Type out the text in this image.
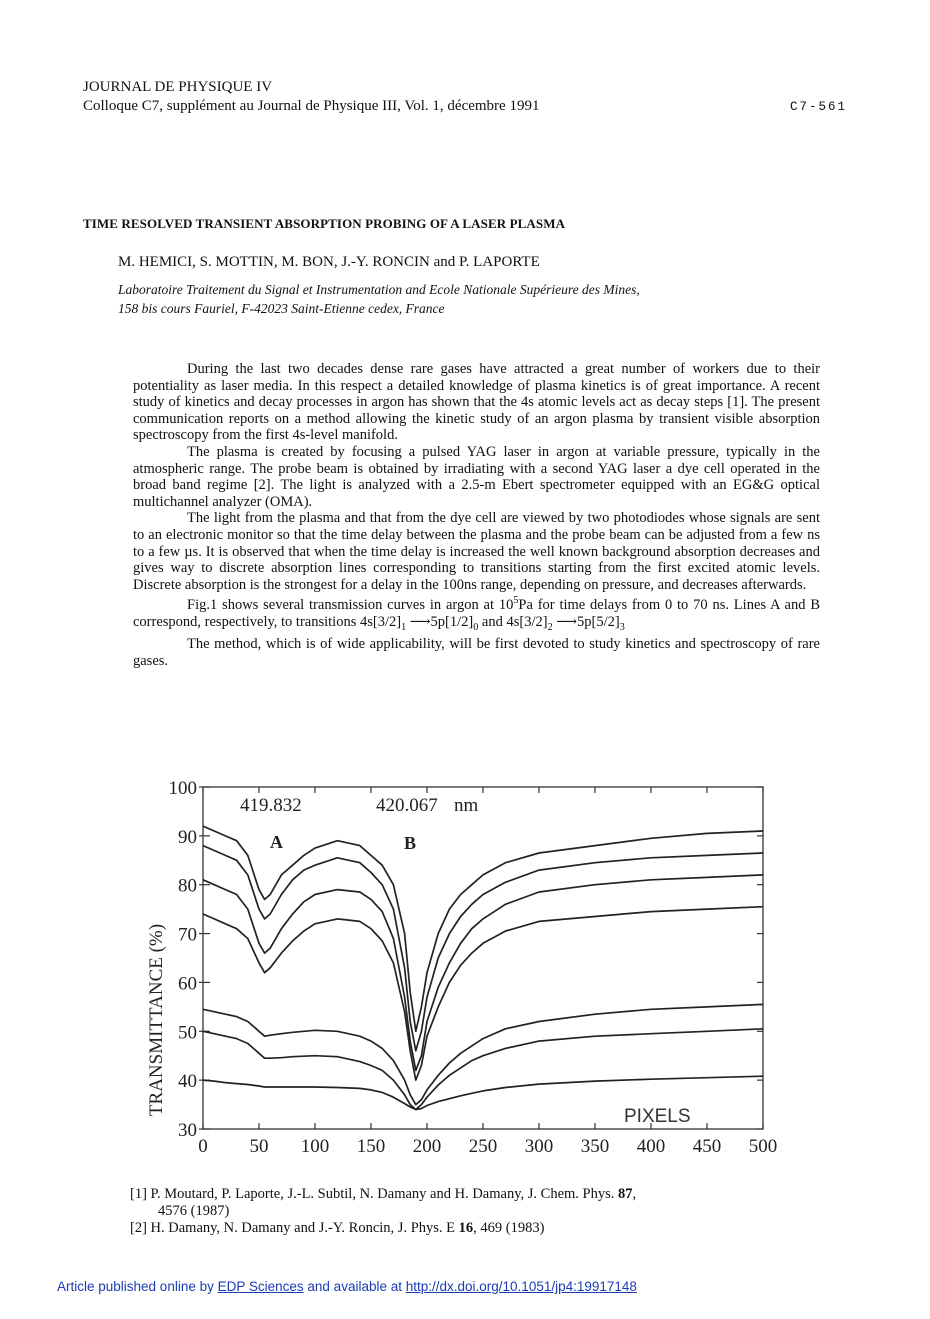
JOURNAL DE PHYSIQUE IV
Colloque C7, supplément au Journal de Physique III, Vol. 1, décembre 1991	C7-561
TIME RESOLVED TRANSIENT ABSORPTION PROBING OF A LASER PLASMA
M. HEMICI, S. MOTTIN, M. BON, J.-Y. RONCIN and P. LAPORTE
Laboratoire Traitement du Signal et Instrumentation and Ecole Nationale Supérieure des Mines,
158 bis cours Fauriel, F-42023 Saint-Etienne cedex, France

During the last two decades dense rare gases have attracted a great number of workers due to their potentiality as laser media. In this respect a detailed knowledge of plasma kinetics is of great importance. A recent study of kinetics and decay processes in argon has shown that the 4s atomic levels act as decay steps [1]. The present communication reports on a method allowing the kinetic study of an argon plasma by transient visible absorption spectroscopy from the first 4s-level manifold.

The plasma is created by focusing a pulsed YAG laser in argon at variable pressure, typically in the atmospheric range. The probe beam is obtained by irradiating with a second YAG laser a dye cell operated in the broad band regime [2]. The light is analyzed with a 2.5-m Ebert spectrometer equipped with an EG&G optical multichannel analyzer (OMA).

The light from the plasma and that from the dye cell are viewed by two photodiodes whose signals are sent to an electronic monitor so that the time delay between the plasma and the probe beam can be adjusted from a few ns to a few µs. It is observed that when the time delay is increased the well known background absorption decreases and gives way to discrete absorption lines corresponding to transitions starting from the first excited atomic levels. Discrete absorption is the strongest for a delay in the 100ns range, depending on pressure, and decreases afterwards.

Fig.1 shows several transmission curves in argon at $10^5Pa$ for time delays from 0 to 70 ns. Lines A and B correspond, respectively, to transitions $4s[3/2]_1$ $⟶5p[1/2]_0$ and $4s[3/2]_2$ $⟶5p[5/2]_3$

The method, which is of wide applicability, will be first devoted to study kinetics and spectroscopy of rare gases.

TRANSMITTANCE (%)
419.832	420.067 nm
A	B
PIXELS
0 50 100 150 200 250 300 350 400 450 500
30
40
50
60
70
80
90
100
[1] P. Moutard, P. Laporte, J.-L. Subtil, N. Damany and H. Damany, J. Chem. Phys. 87,
4576 (1987)
[2] H. Damany, N. Damany and J.-Y. Roncin, J. Phys. E 16, 469 (1983)
Article published online by EDP Sciences and available at http://dx.doi.org/10.1051/jp4:19917148
